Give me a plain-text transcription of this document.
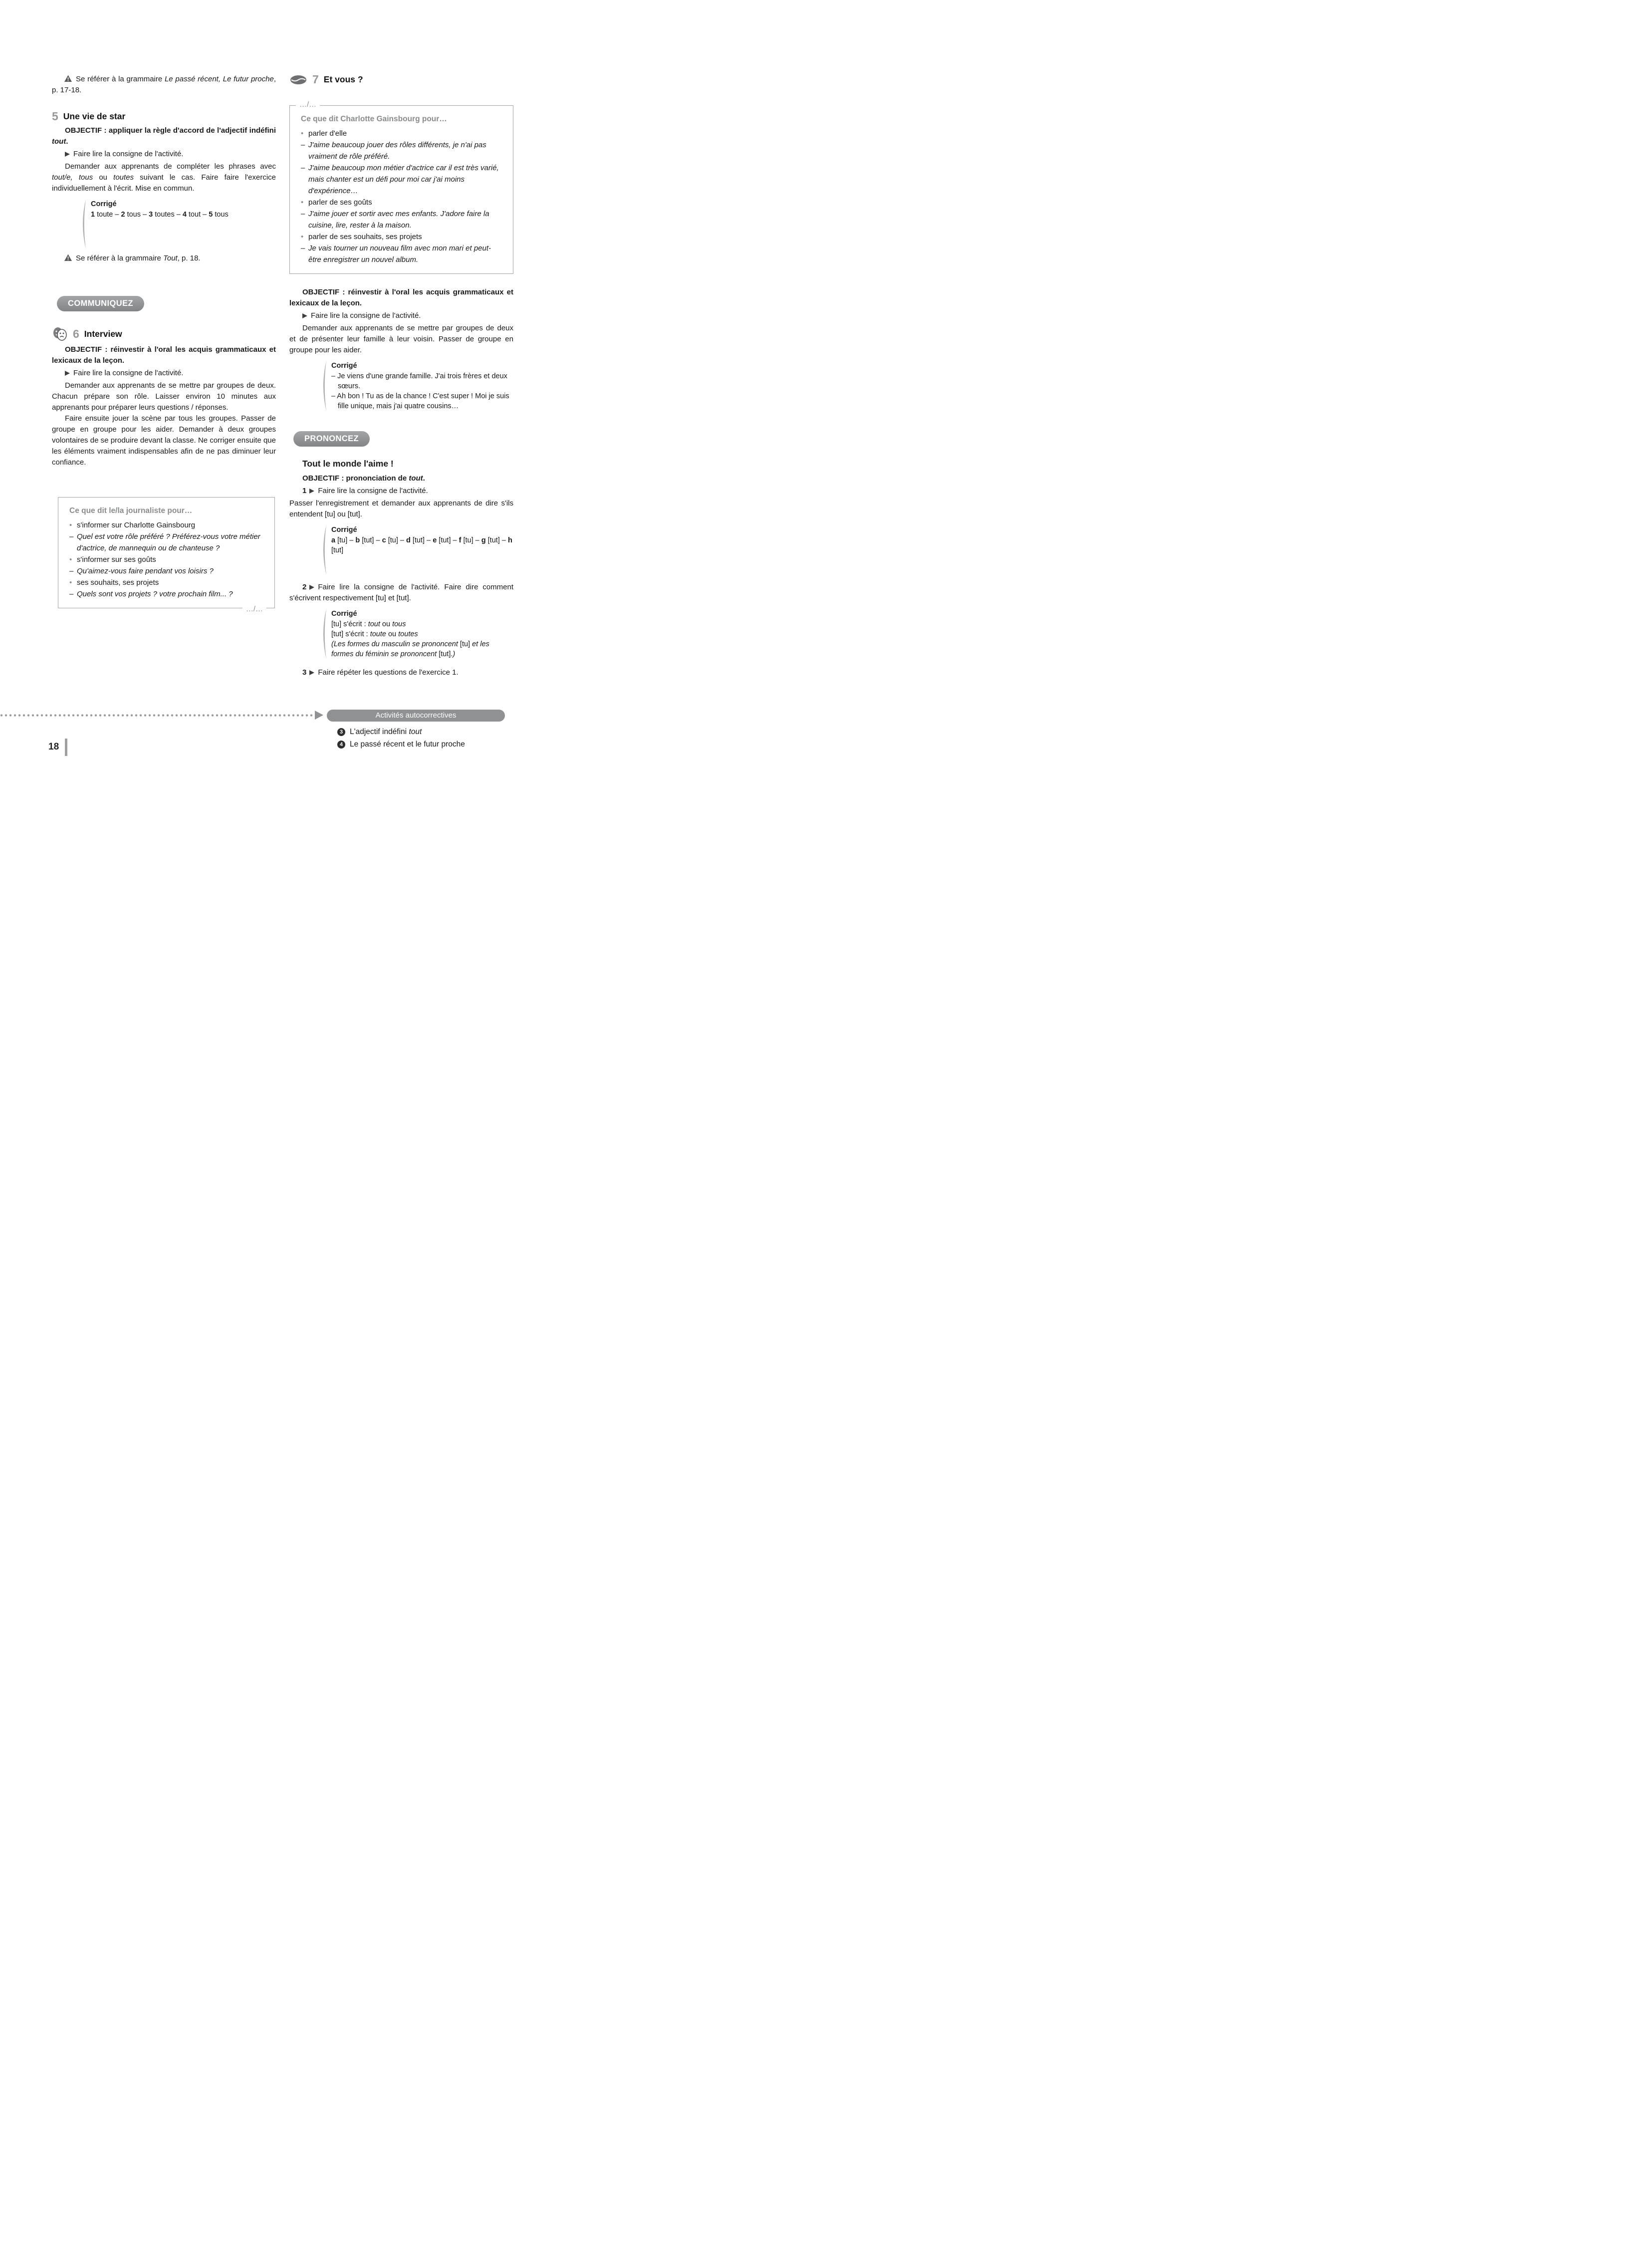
Se référer à la grammaire Le passé récent, Le futur proche, p. 17-18.

5 Une vie de star

OBJECTIF : appliquer la règle d'accord de l'adjectif indéfini tout.

Faire lire la consigne de l'activité.

Demander aux apprenants de compléter les phrases avec tout/e, tous ou toutes suivant le cas. Faire faire l'exercice individuellement à l'écrit. Mise en commun.

Corrigé
1 toute – 2 tous – 3 toutes – 4 tout – 5 tous

Se référer à la grammaire Tout, p. 18.

COMMUNIQUEZ
6 Interview

OBJECTIF : réinvestir à l'oral les acquis grammaticaux et lexicaux de la leçon.

Faire lire la consigne de l'activité.

Demander aux apprenants de se mettre par groupes de deux. Chacun prépare son rôle. Laisser environ 10 minutes aux apprenants pour préparer leurs questions / réponses.

Faire ensuite jouer la scène par tous les groupes. Passer de groupe en groupe pour les aider. Demander à deux groupes volontaires de se produire devant la classe. Ne corriger ensuite que les éléments vraiment indispensables afin de ne pas diminuer leur confiance.

Ce que dit le/la journaliste pour…

• s'informer sur Charlotte Gainsbourg
– Quel est votre rôle préféré ? Préférez-vous votre métier d'actrice, de mannequin ou de chanteuse ?
• s'informer sur ses goûts
– Qu'aimez-vous faire pendant vos loisirs ?
• ses souhaits, ses projets
– Quels sont vos projets ? votre prochain film... ?
…/…
7 Et vous ?
…/…

Ce que dit Charlotte Gainsbourg pour…

• parler d'elle
– J'aime beaucoup jouer des rôles différents, je n'ai pas vraiment de rôle préféré.
– J'aime beaucoup mon métier d'actrice car il est très varié, mais chanter est un défi pour moi car j'ai moins d'expérience…
• parler de ses goûts
– J'aime jouer et sortir avec mes enfants. J'adore faire la cuisine, lire, rester à la maison.
• parler de ses souhaits, ses projets
– Je vais tourner un nouveau film avec mon mari et peut-être enregistrer un nouvel album.

OBJECTIF : réinvestir à l'oral les acquis grammaticaux et lexicaux de la leçon.

Faire lire la consigne de l'activité.

Demander aux apprenants de se mettre par groupes de deux et de présenter leur famille à leur voisin. Passer de groupe en groupe pour les aider.

Corrigé
– Je viens d'une grande famille. J'ai trois frères et deux sœurs.
– Ah bon ! Tu as de la chance ! C'est super ! Moi je suis fille unique, mais j'ai quatre cousins…
PRONONCEZ

Tout le monde l'aime !

OBJECTIF : prononciation de tout.

1 Faire lire la consigne de l'activité.

Passer l'enregistrement et demander aux apprenants de dire s'ils entendent [tu] ou [tut].

Corrigé
a [tu] – b [tut] – c [tu] – d [tut] – e [tut] – f [tu] – g [tut] – h [tut]

2 Faire lire la consigne de l'activité. Faire dire comment s'écrivent respectivement [tu] et [tut].

Corrigé
[tu] s'écrit : tout ou tous
[tut] s'écrit : toute ou toutes
(Les formes du masculin se prononcent [tu] et les formes du féminin se prononcent [tut].)

3 Faire répéter les questions de l'exercice 1.

Activités autocorrectives
3 L'adjectif indéfini tout
4 Le passé récent et le futur proche
18
